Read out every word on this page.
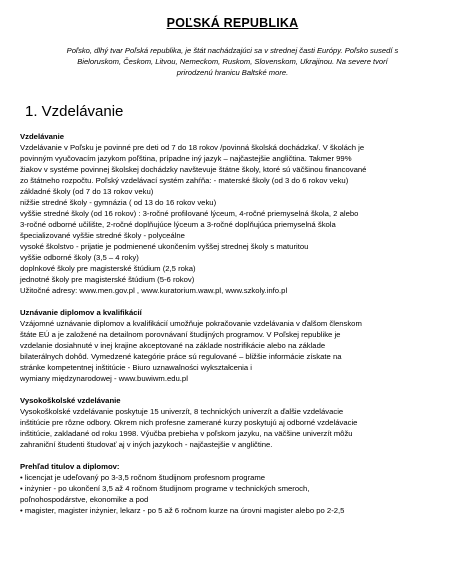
POĽSKÁ REPUBLIKA
Poľsko, dlhý tvar Poľská republika, je štát nachádzajúci sa v strednej časti Európy. Poľsko susedí s
Bieloruskom, Českom, Litvou, Nemeckom, Ruskom, Slovenskom, Ukrajinou. Na severe tvorí
prirodzenú hranicu Baltské more.
1. Vzdelávanie
Vzdelávanie
Vzdelávanie v Poľsku je povinné pre deti od 7 do 18 rokov /povinná školská dochádzka/. V školách je
povinným vyučovacím jazykom poľština, prípadne iný jazyk – najčastejšie angličtina. Takmer 99%
žiakov v systéme povinnej školskej dochádzky navštevuje štátne školy, ktoré sú väčšinou financované
zo štátneho rozpočtu. Poľský vzdelávací systém zahŕňa: - materské školy (od 3 do 6 rokov veku)
základné školy (od 7 do 13 rokov veku)
nižšie stredné školy - gymnázia ( od 13 do 16 rokov veku)
vyššie stredné školy (od 16 rokov) : 3-ročné profilované lýceum, 4-ročné priemyselná škola, 2 alebo
3-ročné odborné učilište, 2-ročné doplňujúce lýceum a 3-ročné doplňujúca priemyselná škola
špecializované vyššie stredné školy - polyceálne
vysoké školstvo - prijatie je podmienené ukončením vyššej strednej školy s maturitou
vyššie odborné školy (3,5 – 4 roky)
doplnkové školy pre magisterské štúdium (2,5 roka)
jednotné školy pre magisterské štúdium (5-6 rokov)
Užitočné adresy: www.men.gov.pl , www.kuratorium.waw.pl, www.szkoly.info.pl
Uznávanie diplomov a kvalifikácií
Vzájomné uznávanie diplomov a kvalifikácií umožňuje pokračovanie vzdelávania v ďalšom členskom
štáte EÚ a je založené na detailnom porovnávaní študijných programov. V Poľskej republike je
vzdelanie dosiahnuté v inej krajine akceptované na základe nostrifikácie alebo na základe
bilaterálnych dohôd. Vymedzené kategórie práce sú regulované – bližšie informácie získate na
stránke kompetentnej inštitúcie - Biuro uznawalności wykształcenia i
wymiany międzynarodowej - www.buwiwm.edu.pl
Vysokoškolské vzdelávanie
Vysokoškolské vzdelávanie poskytuje 15 univerzít, 8 technických univerzít a ďalšie vzdelávacie
inštitúcie pre rôzne odbory. Okrem nich profesne zamerané kurzy poskytujú aj odborné vzdelávacie
inštitúcie, zakladané od roku 1998. Výučba prebieha v poľskom jazyku, na väčšine univerzít môžu
zahraniční študenti študovať aj v iných jazykoch - najčastejšie v angličtine.
Prehľad titulov a diplomov:
• licencjat je udeľovaný po 3-3,5 ročnom študijnom profesnom programe
• inżynier - po ukončení 3,5 až 4 ročnom študijnom programe v technických smeroch,
poľnohospodárstve, ekonomike a pod
• magister, magister inżynier, lekarz - po 5 až 6 ročnom kurze na úrovni magister alebo po 2-2,5
